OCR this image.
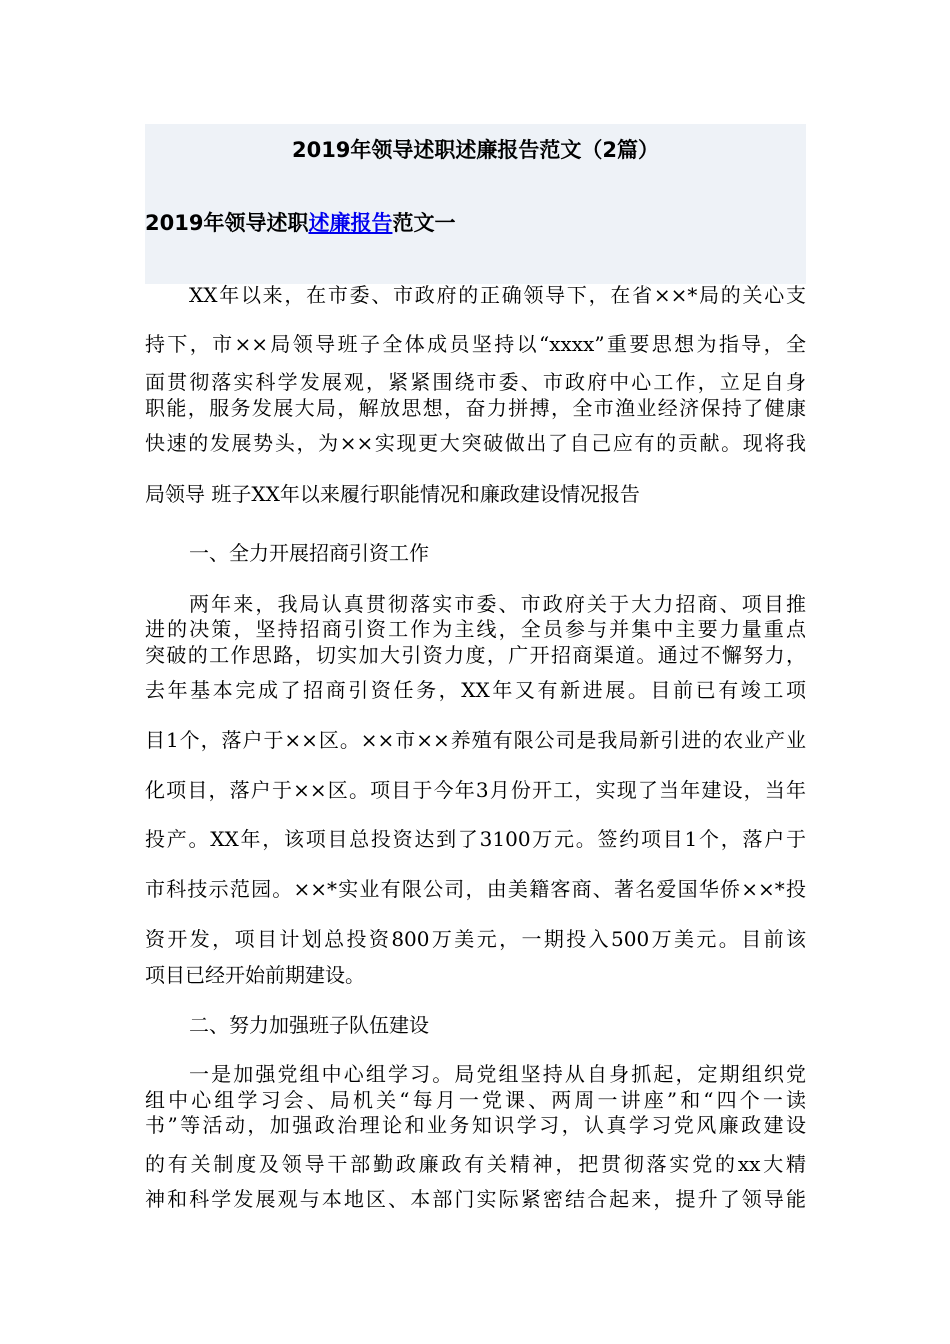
2019年领导述职述廉报告范文（2篇）
2019年领导述职述廉报告范文一
XX年以来，在市委、市政府的正确领导下，在省××*局的关心支
持下，市××局领导班子全体成员坚持以“xxxx”重要思想为指导，全
面贯彻落实科学发展观，紧紧围绕市委、市政府中心工作，立足自身
职能，服务发展大局，解放思想，奋力拼搏，全市渔业经济保持了健康
快速的发展势头，为××实现更大突破做出了自己应有的贡献。现将我
局领导 班子XX年以来履行职能情况和廉政建设情况报告
一、全力开展招商引资工作
两年来，我局认真贯彻落实市委、市政府关于大力招商、项目推
进的决策，坚持招商引资工作为主线，全员参与并集中主要力量重点
突破的工作思路，切实加大引资力度，广开招商渠道。通过不懈努力，
去年基本完成了招商引资任务，XX年又有新进展。目前已有竣工项
目1个，落户于××区。××市××养殖有限公司是我局新引进的农业产业
化项目，落户于××区。项目于今年3月份开工，实现了当年建设，当年
投产。XX年，该项目总投资达到了3100万元。签约项目1个，落户于
市科技示范园。××*实业有限公司，由美籍客商、著名爱国华侨××*投
资开发，项目计划总投资800万美元，一期投入500万美元。目前该
项目已经开始前期建设。
二、努力加强班子队伍建设
一是加强党组中心组学习。局党组坚持从自身抓起，定期组织党
组中心组学习会、局机关“每月一党课、两周一讲座”和“四个一读
书”等活动，加强政治理论和业务知识学习，认真学习党风廉政建设
的有关制度及领导干部勤政廉政有关精神，把贯彻落实党的xx大精
神和科学发展观与本地区、本部门实际紧密结合起来，提升了领导能
